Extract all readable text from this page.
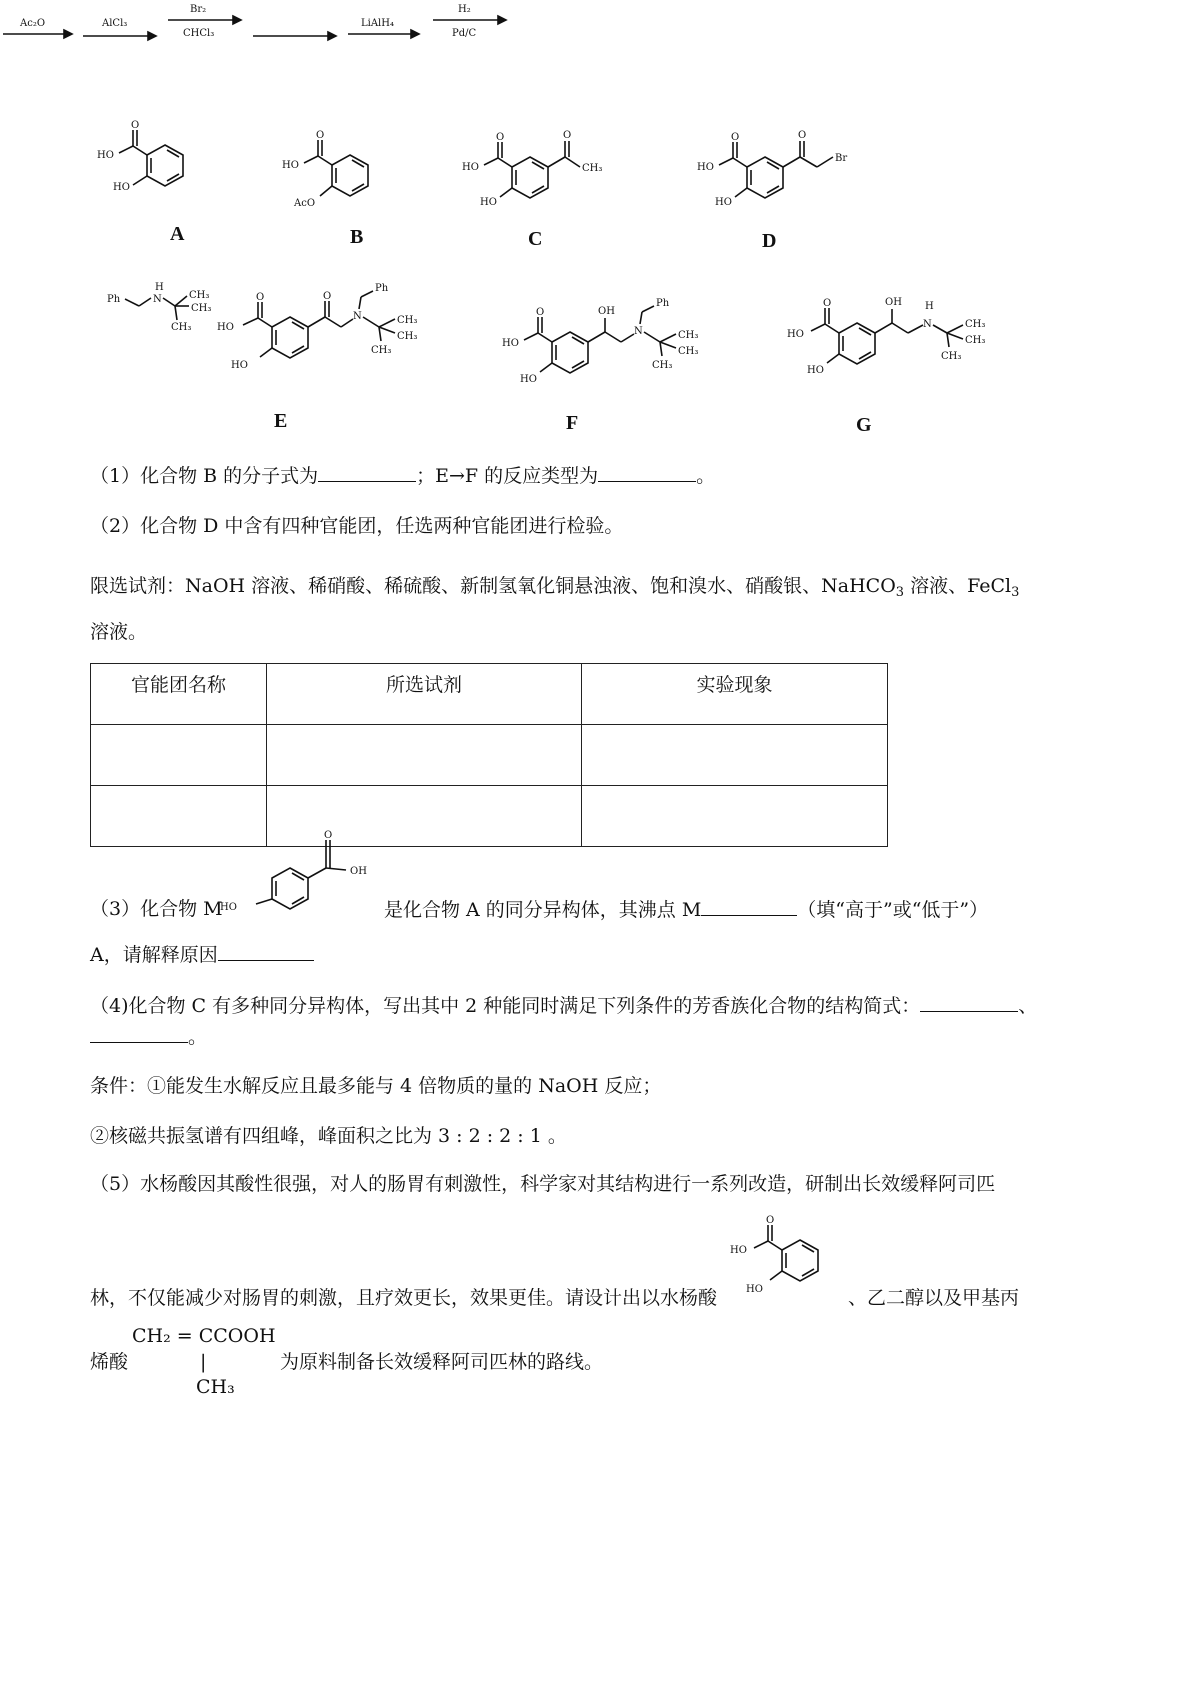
O
HO
HO
A
Ac₂O

O
HO
AcO
B
AlCl₃

O	O
HO
HO
CH₃
C
Br₂
CHCl₃

O	O
HO
HO
Br
D
Ph	N
H
CH₃
CH₃
CH₃

N
Ph
CH₃
CH₃
CH₃
O
O
HO
HO
E
LiAlH₄

N
Ph
CH₃
CH₃
CH₃
OH
O
HO
HO
F
H₂
Pd/C
N
H
CH₃
CH₃
CH₃
OH
O
HO
HO
G
（1）化合物 B 的分子式为	；E→F 的反应类型为	。
（2）化合物 D 中含有四种官能团，任选两种官能团进行检验。
限选试剂：NaOH 溶液、稀硝酸、稀硫酸、新制氢氧化铜悬浊液、饱和溴水、硝酸银、NaHCO$_3$ 溶液、FeCl$_3$
溶液。
官能团名称	所选试剂	实验现象

O
OH
HO
（3）化合物 M	是化合物 A 的同分异构体，其沸点 M	（填“高于”或“低于”）
A，请解释原因
（4)化合物 C 有多种同分异构体，写出其中 2 种能同时满足下列条件的芳香族化合物的结构简式：	、
。
条件：①能发生水解反应且最多能与 4 倍物质的量的 NaOH 反应；
②核磁共振氢谱有四组峰，峰面积之比为 3 : 2 : 2 : 1 。
（5）水杨酸因其酸性很强，对人的肠胃有刺激性，科学家对其结构进行一系列改造，研制出长效缓释阿司匹
O
HO
HO
林，不仅能减少对肠胃的刺激，且疗效更长，效果更佳。请设计出以水杨酸	、乙二醇以及甲基丙
CH₂ = CCOOH
烯酸	|	为原料制备长效缓释阿司匹林的路线。
CH₃
